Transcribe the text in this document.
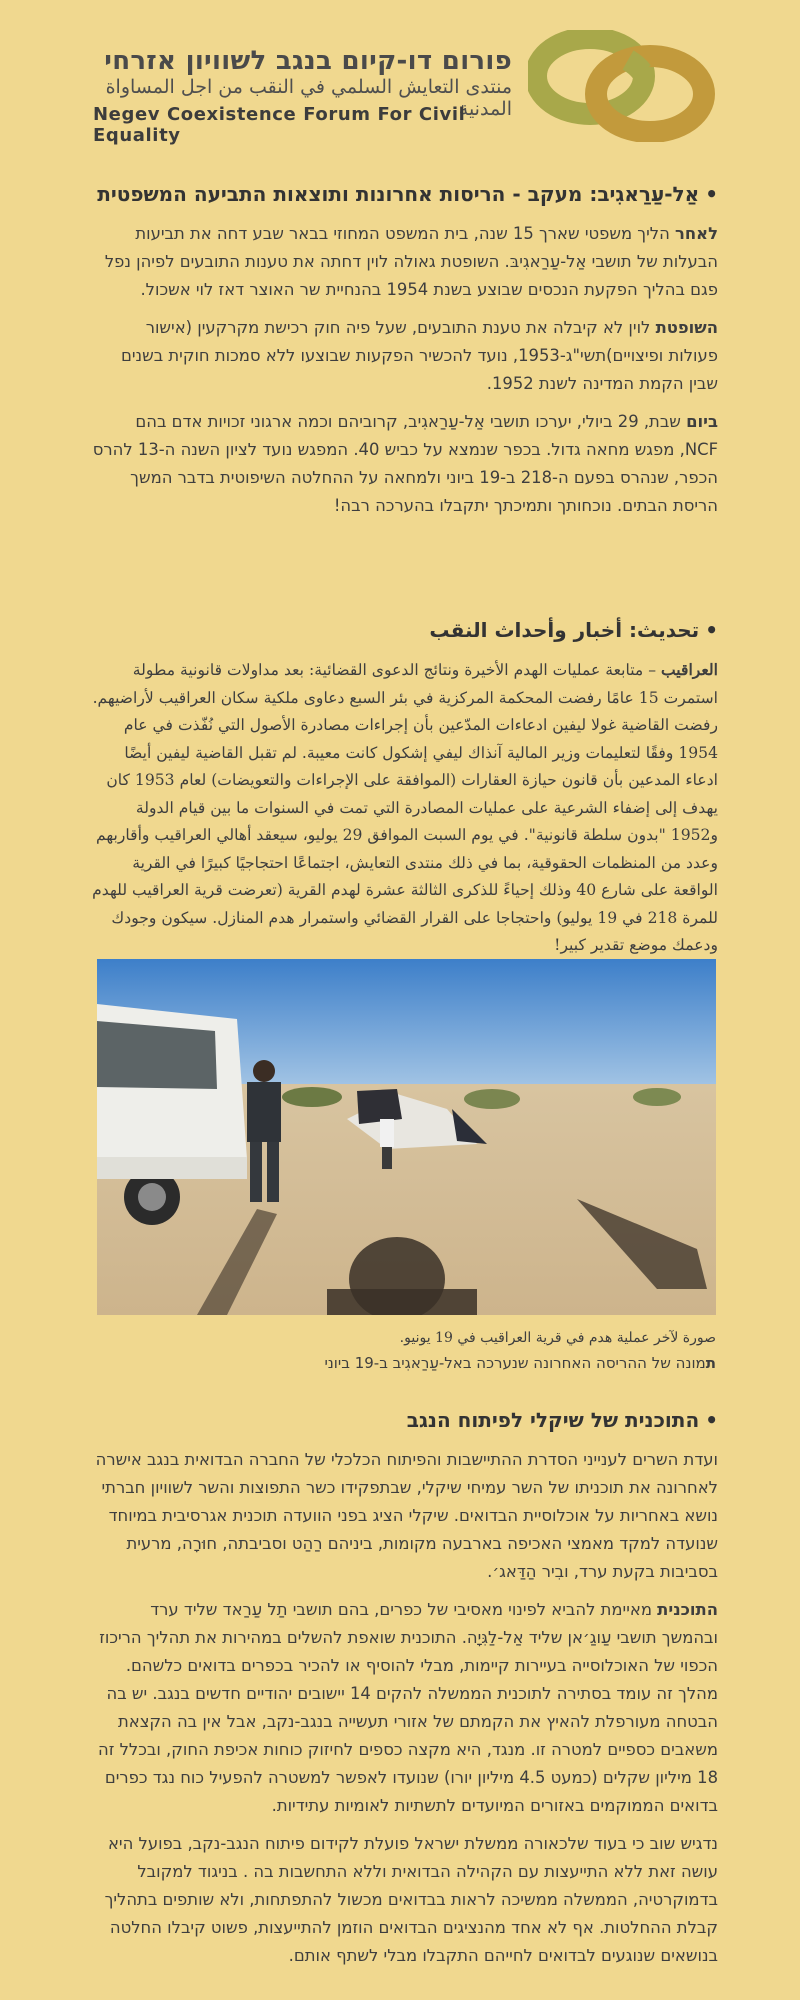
פורום דו-קיום בנגב לשוויון אזרחי
منتدى التعايش السلمي في النقب من اجل المساواة المدنية
Negev Coexistence Forum For Civil Equality
•אַל-עַרַאגִיב: מעקב - הריסות אחרונות ותוצאות התביעה המשפטית

לאחר הליך משפטי שארך 15 שנה, בית המשפט המחוזי בבאר שבע דחה את תביעות הבעלות של תושבי אַל-עַרַאגִיבּ. השופטת גאולה לוין דחתה את טענות התובעים לפיהן נפל פגם בהליך הפקעת הנכסים שבוצע בשנת 1954 בהנחיית שר האוצר דאז לוי אשכול.

השופטת לוין לא קיבלה את טענת התובעים, שעל פיה חוק רכישת מקרקעין (אישור פעולות ופיצויים)תשי"ג-1953, נועד להכשיר הפקעות שבוצעו ללא סמכות חוקית בשנים שבין הקמת המדינה לשנת 1952.

ביום שבת, 29 ביולי, יערכו תושבי אַל-עַרַאגִיב, קרוביהם וכמה ארגוני זכויות אדם בהם NCF, מפגש מחאה גדול. בכפר שנמצא על כביש 40. המפגש נועד לציון השנה ה-13 להרס הכפר, שנהרס בפעם ה-218 ב-19 ביוני ולמחאה על ההחלטה השיפוטית בדבר המשך הריסת הבתים. נוכחותך ותמיכתך יתקבלו בהערכה רבה!

•تحديث: أخبار وأحداث النقب

العراقيب – متابعة عمليات الهدم الأخيرة ونتائج الدعوى القضائية: بعد مداولات قانونية مطولة استمرت 15 عامًا رفضت المحكمة المركزية في بئر السبع دعاوى ملكية سكان العراقيب لأراضيهم. رفضت القاضية غولا ليفين ادعاءات المدّعين بأن إجراءات مصادرة الأصول التي نُفّذت في عام 1954 وفقًا لتعليمات وزير المالية آنذاك ليفي إشكول كانت معيبة. لم تقبل القاضية ليفين أيضًا ادعاء المدعين بأن قانون حيازة العقارات (الموافقة على الإجراءات والتعويضات) لعام 1953 كان يهدف إلى إضفاء الشرعية على عمليات المصادرة التي تمت في السنوات ما بين قيام الدولة و1952 "بدون سلطة قانونية". في يوم السبت الموافق 29 يوليو، سيعقد أهالي العراقيب وأقاربهم وعدد من المنظمات الحقوقية، بما في ذلك منتدى التعايش، اجتماعًا احتجاجيًا كبيرًا في القرية الواقعة على شارع 40 وذلك إحياءً للذكرى الثالثة عشرة لهدم القرية (تعرضت قرية العراقيب للهدم للمرة 218 في 19 يوليو) واحتجاجا على القرار القضائي واستمرار هدم المنازل. سيكون وجودك ودعمك موضع تقدير كبير!

صورة لآخر عملية هدم في قرية العراقيب في 19 يونيو.
תמונה של ההריסה האחרונה שנערכה באל-עַרַאגִיב ב-19 ביוני
•התוכנית של שיקלי לפיתוח הנגב

ועדת השרים לענייני הסדרת ההתיישבות והפיתוח הכלכלי של החברה הבדואית בנגב אישרה לאחרונה את תוכניתו של השר עמיחי שיקלי, שבתפקידו כשר התפוצות והשר לשוויון חברתי נושא באחריות על אוכלוסיית הבדואים. שיקלי הציג בפני הוועדה תוכנית אגרסיבית במיוחד שנועדה למקד מאמצי האכיפה בארבעה מקומות, ביניהם רַהַט וסביבתה, חוּרָה, מרעית בסביבות בקעת ערד, ובִיר הַדַּאג׳.

התוכנית מאיימת להביא לפינוי מאסיבי של כפרים, בהם תושבי תַל עַרַאד שליד ערד ובהמשך תושבי עַוגַ׳אן שליד אַל-לַגִּיָה. התוכנית שואפת להשלים במהירות את תהליך הריכוז הכפוי של האוכלוסייה בעיירות קיימות, מבלי להוסיף או להכיר בכפרים בדואים כלשהם. מהלך זה עומד בסתירה לתוכנית הממשלה להקים 14 יישובים יהודיים חדשים בנגב. יש בה הבטחה מעורפלת להאיץ את הקמתם של אזורי תעשייה בנגב-נקב, אבל אין בה הקצאת משאבים כספיים למטרה זו. מנגד, היא מקצה כספים לחיזוק כוחות אכיפת החוק, ובכלל זה 18 מיליון שקלים (כמעט 4.5 מיליון יורו) שנועדו לאפשר למשטרה להפעיל כוח נגד כפרים בדואים הממוקמים באזורים המיועדים לתשתיות לאומיות עתידיות.

נדגיש שוב כי בעוד שלכאורה ממשלת ישראל פועלת לקידום פיתוח הנגב-נקב, בפועל היא עושה זאת ללא התייעצות עם הקהילה הבדואית וללא התחשבות בה . בניגוד למקובל בדמוקרטיה, הממשלה ממשיכה לראות בבדואים מכשול להתפתחות, ולא שותפים בתהליך קבלת ההחלטות. אף לא אחד מהנציגים הבדואים הוזמן להתייעצות, פשוט קיבלו החלטה בנושאים שנוגעים לבדואים לחייהם התקבלו מבלי לשתף אותם.
